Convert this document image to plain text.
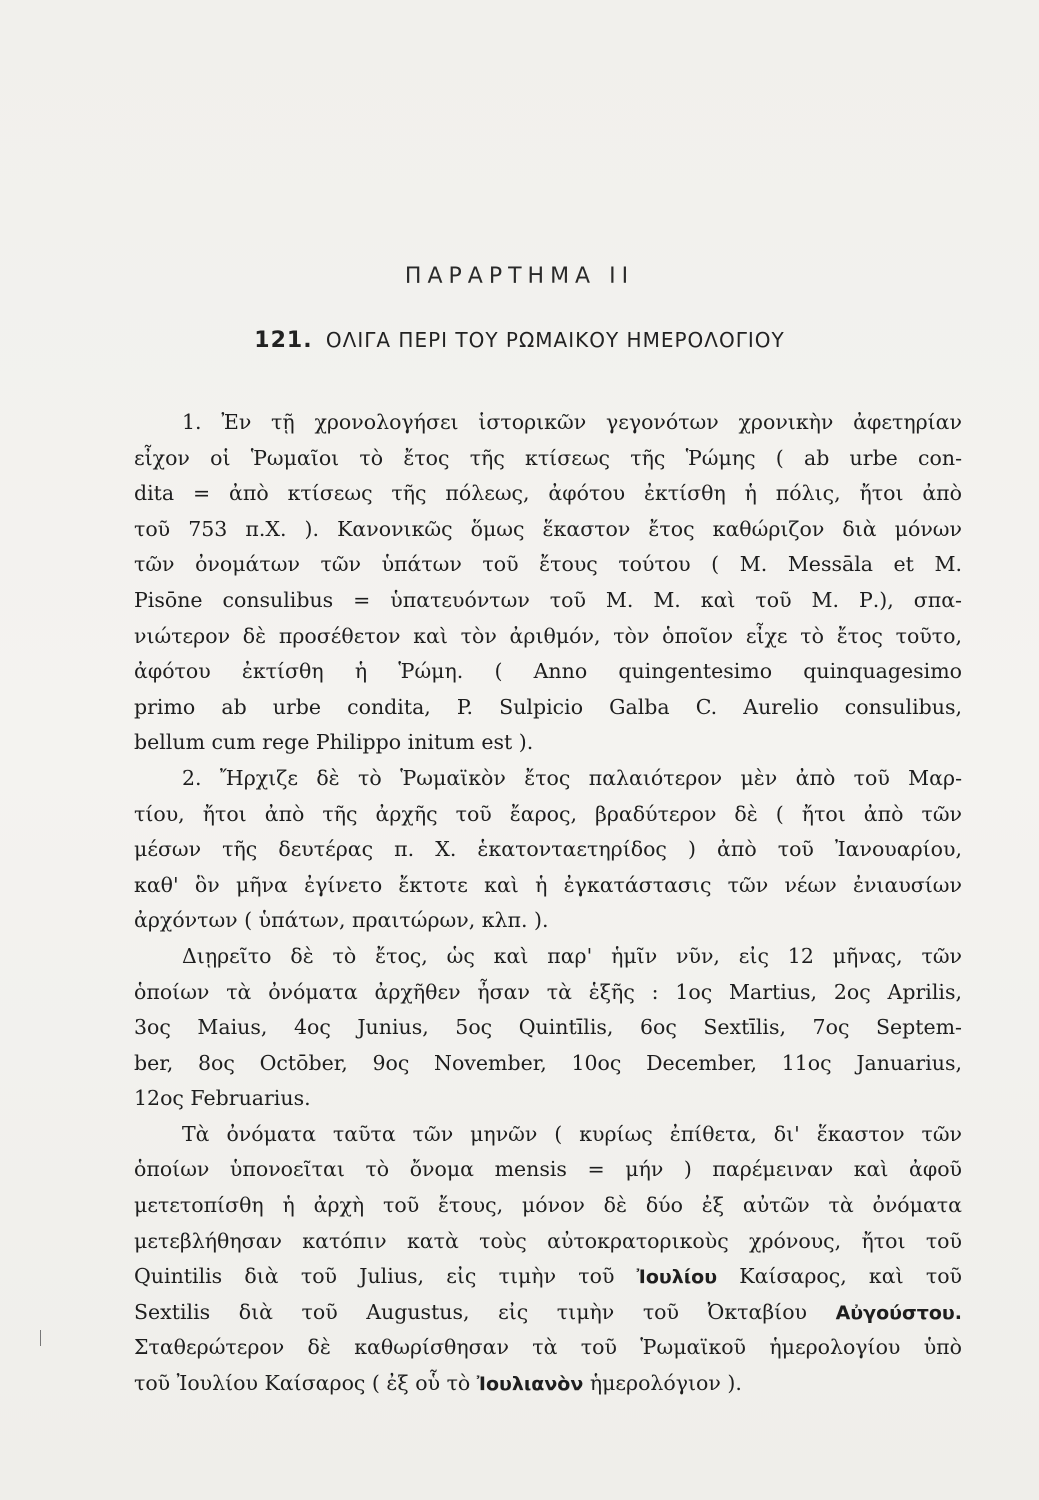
ΠΑΡΑΡΤΗΜΑ ΙΙ
121. ΟΛΙΓΑ ΠΕΡΙ ΤΟΥ ΡΩΜΑΙΚΟΥ ΗΜΕΡΟΛΟΓΙΟΥ
1. Ἐν τῇ χρονολογήσει ἱστορικῶν γεγονότων χρονικὴν ἀφετηρίαν
εἶχον οἱ Ῥωμαῖοι τὸ ἔτος τῆς κτίσεως τῆς Ῥώμης ( ab urbe con-
dita = ἀπὸ κτίσεως τῆς πόλεως, ἀφότου ἐκτίσθη ἡ πόλις, ἤτοι ἀπὸ
τοῦ 753 π.Χ. ). Κανονικῶς ὅμως ἕκαστον ἔτος καθώριζον διὰ μόνων
τῶν ὀνομάτων τῶν ὑπάτων τοῦ ἔτους τούτου ( M. Messāla et M.
Pisōne consulibus = ὑπατευόντων τοῦ Μ. Μ. καὶ τοῦ Μ. Ρ.), σπα-
νιώτερον δὲ προσέθετον καὶ τὸν ἀριθμόν, τὸν ὁποῖον εἶχε τὸ ἔτος τοῦτο,
ἀφότου ἐκτίσθη ἡ Ῥώμη. ( Anno quingentesimo quinquagesimo
primo ab urbe condita, P. Sulpicio Galba C. Aurelio consulibus,
bellum cum rege Philippo initum est ).
2. Ἤρχιζε δὲ τὸ Ῥωμαϊκὸν ἔτος παλαιότερον μὲν ἀπὸ τοῦ Μαρ-
τίου, ἤτοι ἀπὸ τῆς ἀρχῆς τοῦ ἔαρος, βραδύτερον δὲ ( ἤτοι ἀπὸ τῶν
μέσων τῆς δευτέρας π. Χ. ἑκατονταετηρίδος ) ἀπὸ τοῦ Ἰανουαρίου,
καθ' ὃν μῆνα ἐγίνετο ἔκτοτε καὶ ἡ ἐγκατάστασις τῶν νέων ἐνιαυσίων
ἀρχόντων ( ὑπάτων, πραιτώρων, κλπ. ).
Διῃρεῖτο δὲ τὸ ἔτος, ὡς καὶ παρ' ἡμῖν νῦν, εἰς 12 μῆνας, τῶν
ὁποίων τὰ ὀνόματα ἀρχῆθεν ἦσαν τὰ ἑξῆς : 1ος Martius, 2ος Aprilis,
3ος Maius, 4ος Junius, 5ος Quintīlis, 6ος Sextīlis, 7ος Septem-
ber, 8ος Octōber, 9ος November, 10ος December, 11ος Januarius,
12ος Februarius.
Τὰ ὀνόματα ταῦτα τῶν μηνῶν ( κυρίως ἐπίθετα, δι' ἕκαστον τῶν
ὁποίων ὑπονοεῖται τὸ ὄνομα mensis = μήν ) παρέμειναν καὶ ἀφοῦ
μετετοπίσθη ἡ ἀρχὴ τοῦ ἔτους, μόνον δὲ δύο ἐξ αὐτῶν τὰ ὀνόματα
μετεβλήθησαν κατόπιν κατὰ τοὺς αὐτοκρατορικοὺς χρόνους, ἤτοι τοῦ
Quintilis διὰ τοῦ Julius, εἰς τιμὴν τοῦ Ἰουλίου Καίσαρος, καὶ τοῦ
Sextilis διὰ τοῦ Augustus, εἰς τιμὴν τοῦ Ὀκταβίου Αὐγούστου.
Σταθερώτερον δὲ καθωρίσθησαν τὰ τοῦ Ῥωμαϊκοῦ ἡμερολογίου ὑπὸ
τοῦ Ἰουλίου Καίσαρος ( ἐξ οὗ τὸ Ἰουλιανὸν ἡμερολόγιον ).
